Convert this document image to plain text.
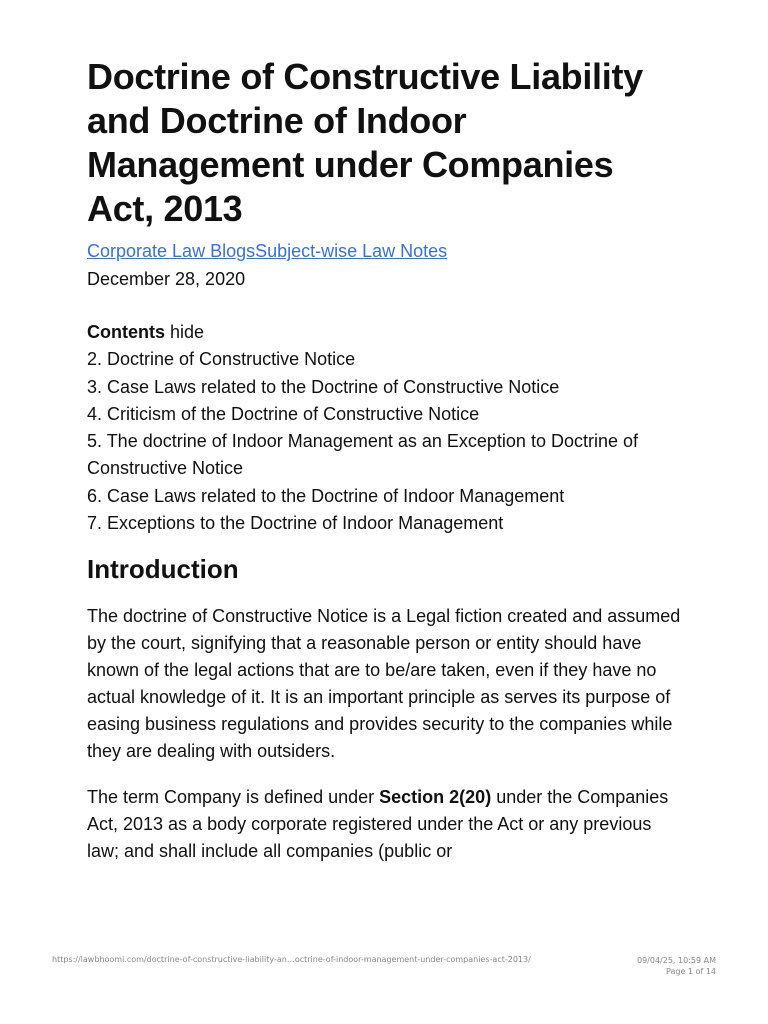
Doctrine of Constructive Liability and Doctrine of Indoor Management under Companies Act, 2013
Corporate Law BlogsSubject-wise Law Notes
December 28, 2020
Contents hide
2. Doctrine of Constructive Notice
3. Case Laws related to the Doctrine of Constructive Notice
4. Criticism of the Doctrine of Constructive Notice
5. The doctrine of Indoor Management as an Exception to Doctrine of Constructive Notice
6. Case Laws related to the Doctrine of Indoor Management
7. Exceptions to the Doctrine of Indoor Management
Introduction

The doctrine of Constructive Notice is a Legal fiction created and assumed by the court, signifying that a reasonable person or entity should have known of the legal actions that are to be/are taken, even if they have no actual knowledge of it. It is an important principle as serves its purpose of easing business regulations and provides security to the companies while they are dealing with outsiders.

The term Company is defined under Section 2(20) under the Companies Act, 2013 as a body corporate registered under the Act or any previous law; and shall include all companies (public or

https://lawbhoomi.com/doctrine-of-constructive-liability-an…octrine-of-indoor-management-under-companies-act-2013/	09/04/25, 10:59 AM
Page 1 of 14
